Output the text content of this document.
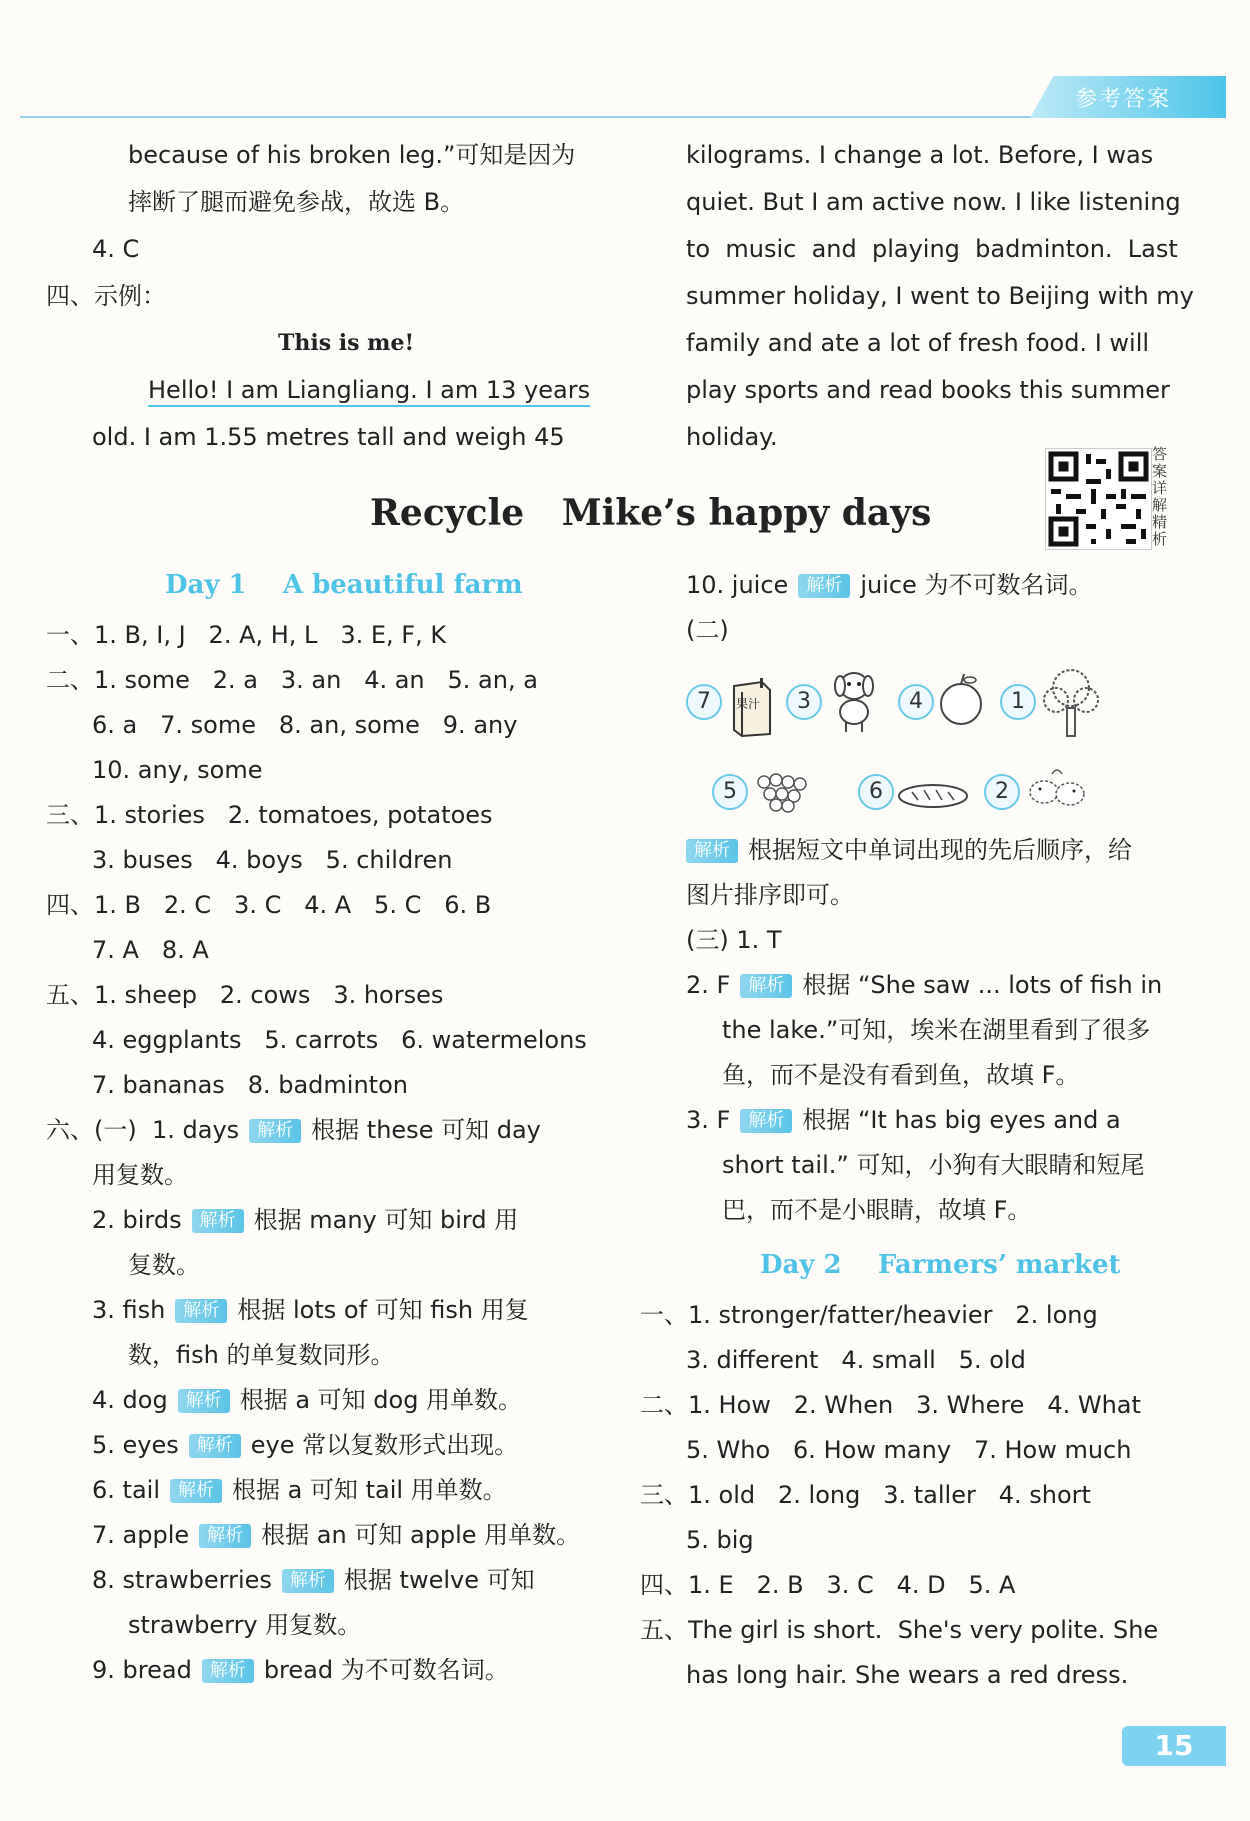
参考答案
because of his broken leg.”可知是因为
摔断了腿而避免参战，故选 B。
4. C
四、示例：
This is me!
Hello! I am Liangliang. I am 13 years
old. I am 1.55 metres tall and weigh 45
kilograms. I change a lot. Before, I was
quiet. But I am active now. I like listening
to  music  and  playing  badminton.  Last
summer holiday, I went to Beijing with my
family and ate a lot of fresh food. I will
play sports and read books this summer
holiday.
答案详解精析
Recycle   Mike’s happy days
Day 1    A beautiful farm
一、1. B, I, J   2. A, H, L   3. E, F, K
二、1. some   2. a   3. an   4. an   5. an, a
6. a   7. some   8. an, some   9. any
10. any, some
三、1. stories   2. tomatoes, potatoes
3. buses   4. boys   5. children
四、1. B   2. C   3. C   4. A   5. C   6. B
7. A   8. A
五、1. sheep   2. cows   3. horses
4. eggplants   5. carrots   6. watermelons
7. bananas   8. badminton
六、(一)  1. days 解析 根据 these 可知 day
用复数。
2. birds 解析 根据 many 可知 bird 用
复数。
3. fish 解析 根据 lots of 可知 fish 用复
数，fish 的单复数同形。
4. dog 解析 根据 a 可知 dog 用单数。
5. eyes 解析 eye 常以复数形式出现。
6. tail 解析 根据 a 可知 tail 用单数。
7. apple 解析 根据 an 可知 apple 用单数。
8. strawberries 解析 根据 twelve 可知
strawberry 用复数。
9. bread 解析 bread 为不可数名词。
10. juice 解析 juice 为不可数名词。
(二)
7	果汁	3	4	1
5	6	2
解析 根据短文中单词出现的先后顺序，给
图片排序即可。
(三) 1. T
2. F 解析 根据 “She saw ... lots of fish in
the lake.”可知，埃米在湖里看到了很多
鱼，而不是没有看到鱼，故填 F。
3. F 解析 根据 “It has big eyes and a
short tail.” 可知，小狗有大眼睛和短尾
巴，而不是小眼睛，故填 F。
Day 2    Farmers’ market
一、1. stronger/fatter/heavier   2. long
3. different   4. small   5. old
二、1. How   2. When   3. Where   4. What
5. Who   6. How many   7. How much
三、1. old   2. long   3. taller   4. short
5. big
四、1. E   2. B   3. C   4. D   5. A
五、The girl is short.  She's very polite. She
has long hair. She wears a red dress.
15
